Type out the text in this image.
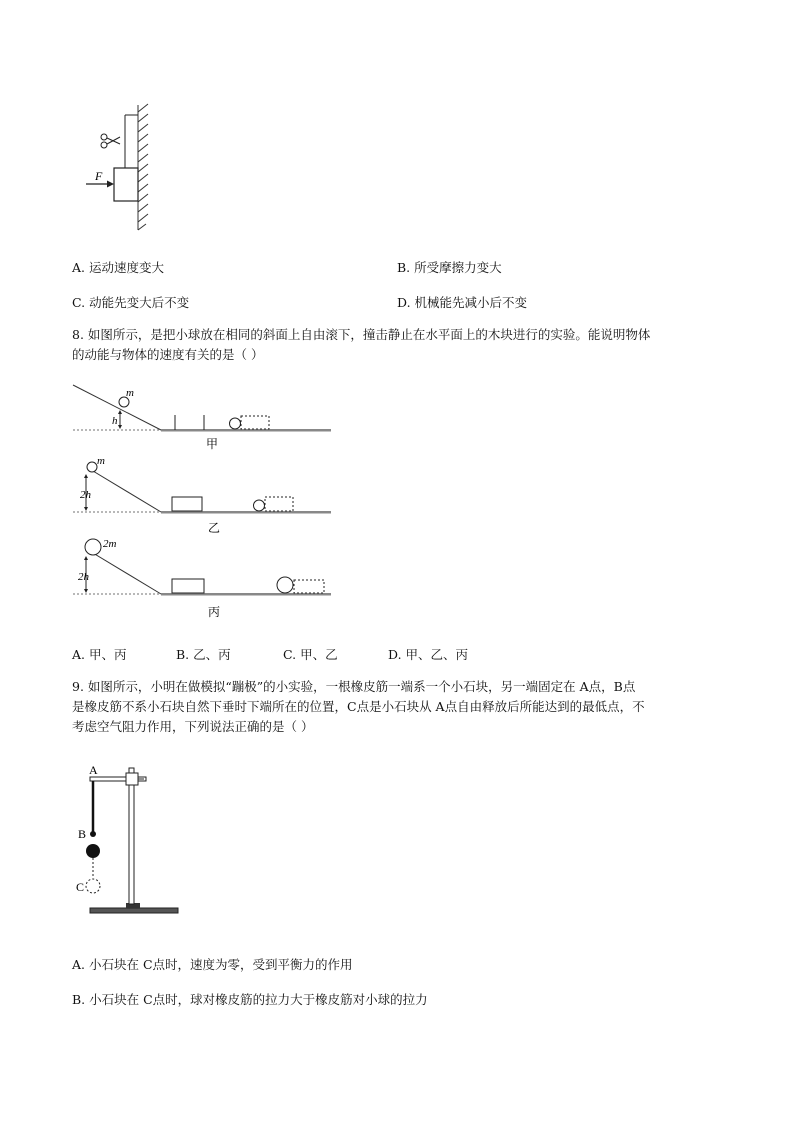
F
A. 运动速度变大	B. 所受摩擦力变大
C. 动能先变大后不变	D. 机械能先减小后不变
8. 如图所示，是把小球放在相同的斜面上自由滚下，撞击静止在水平面上的木块进行的实验。能说明物体
的动能与物体的速度有关的是（ ）
m
h
甲
m
2h
乙
2m
2h
丙
A. 甲、丙	B. 乙、丙	C. 甲、乙	D. 甲、乙、丙
9. 如图所示，小明在做模拟“蹦极”的小实验，一根橡皮筋一端系一个小石块，另一端固定在 A点，B点
是橡皮筋不系小石块自然下垂时下端所在的位置，C点是小石块从 A点自由释放后所能达到的最低点，不
考虑空气阻力作用，下列说法正确的是（ ）
A
B
C
A. 小石块在 C点时，速度为零，受到平衡力的作用
B. 小石块在 C点时，球对橡皮筋的拉力大于橡皮筋对小球的拉力
